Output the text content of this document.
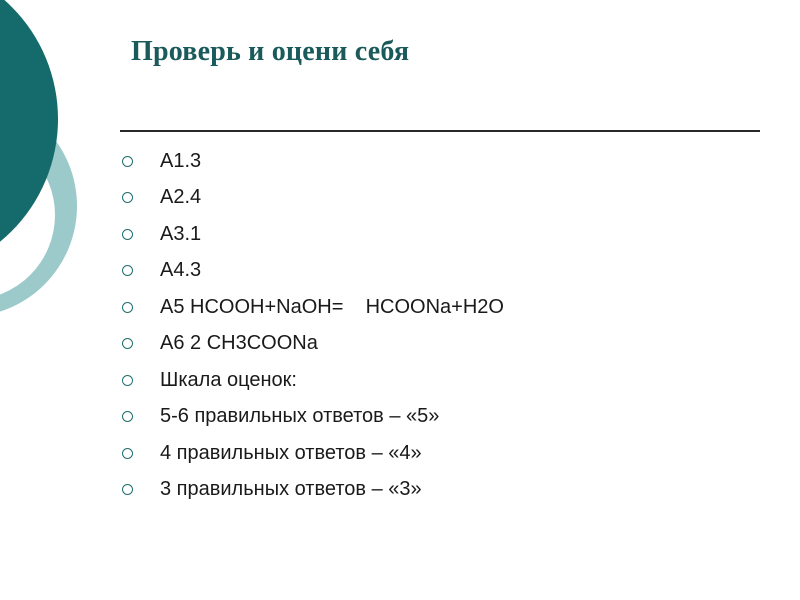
Проверь и оцени себя
А1.3
А2.4
А3.1
А4.3
А5 HCOOH+NaOH=    HCOONa+H2O
А6 2 CH3COONa
Шкала оценок:
5-6 правильных ответов – «5»
4 правильных ответов – «4»
3 правильных ответов – «3»
